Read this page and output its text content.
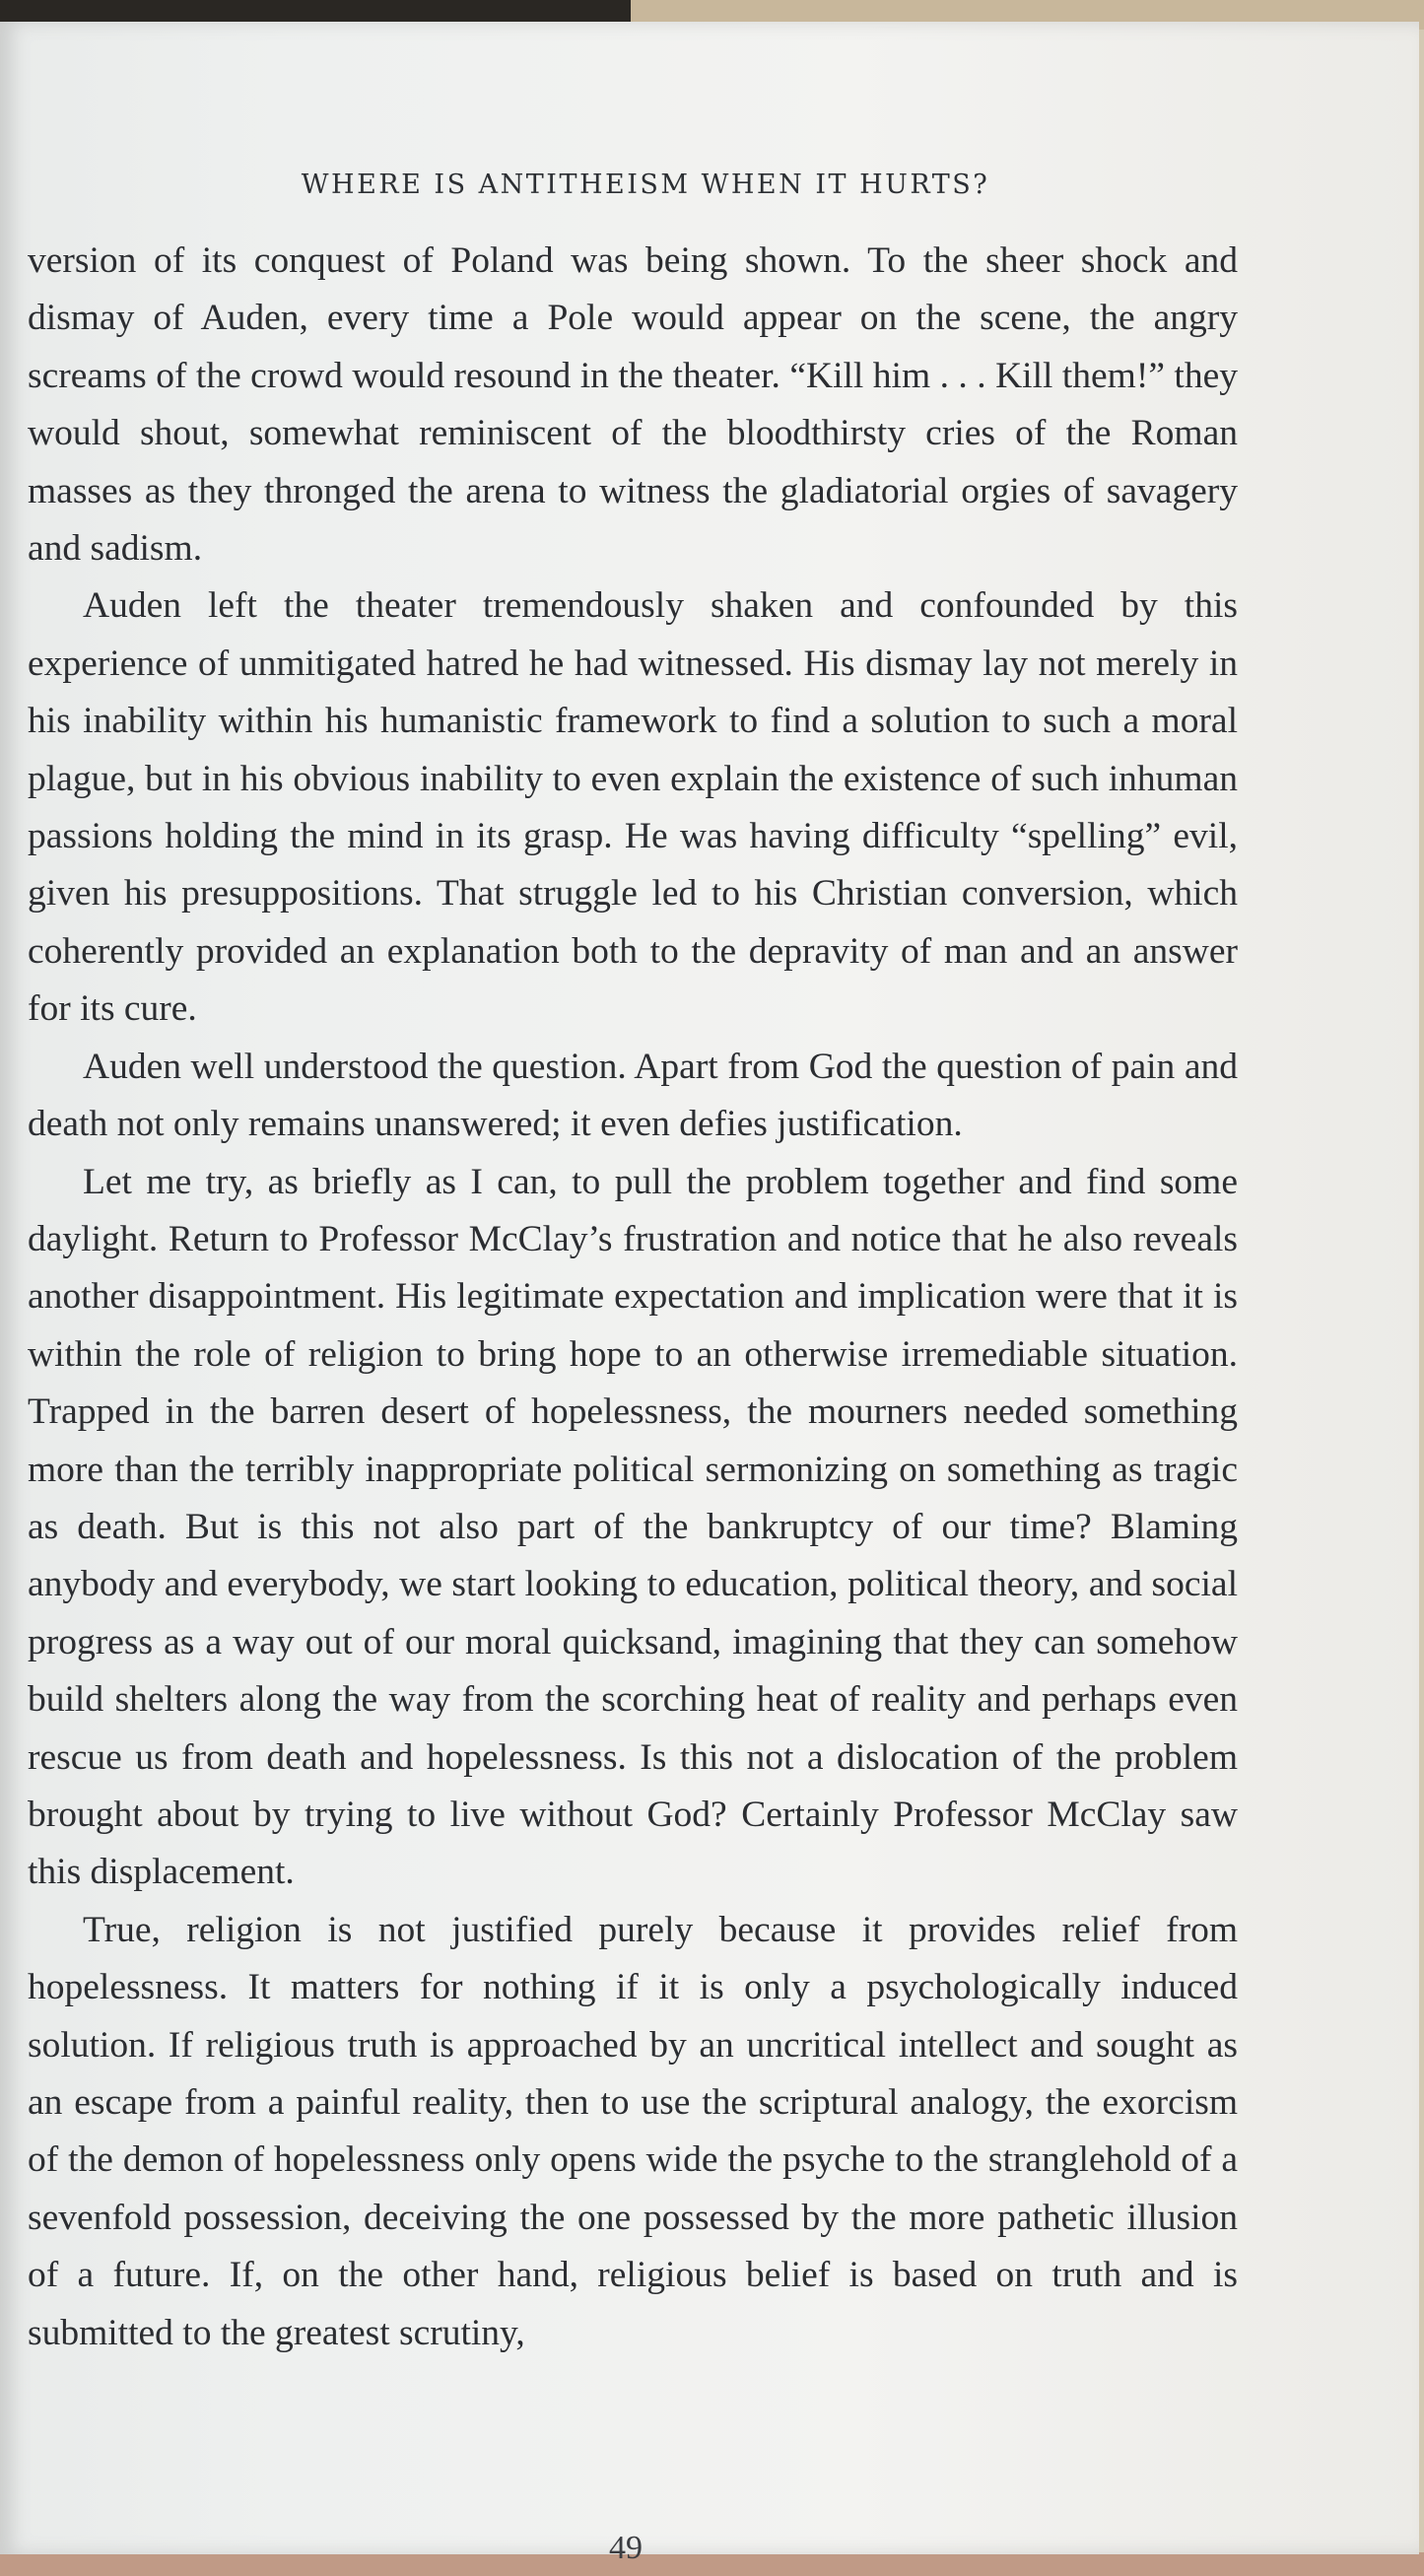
WHERE IS ANTITHEISM WHEN IT HURTS?

version of its conquest of Poland was being shown. To the sheer shock and dismay of Auden, every time a Pole would appear on the scene, the angry screams of the crowd would resound in the theater. “Kill him . . . Kill them!” they would shout, somewhat reminiscent of the bloodthirsty cries of the Roman masses as they thronged the arena to witness the gladiatorial orgies of savagery and sadism.

Auden left the theater tremendously shaken and confounded by this experience of unmitigated hatred he had witnessed. His dismay lay not merely in his inability within his humanistic framework to find a solution to such a moral plague, but in his obvious inability to even explain the existence of such inhuman passions holding the mind in its grasp. He was having difficulty “spelling” evil, given his presuppositions. That struggle led to his Christian conversion, which coherently provided an explanation both to the depravity of man and an answer for its cure.

Auden well understood the question. Apart from God the question of pain and death not only remains unanswered; it even defies justification.

Let me try, as briefly as I can, to pull the problem together and find some daylight. Return to Professor McClay’s frustration and notice that he also reveals another disappointment. His legitimate expectation and implication were that it is within the role of religion to bring hope to an otherwise irremediable situation. Trapped in the barren desert of hopelessness, the mourners needed something more than the terribly inappropriate political sermonizing on something as tragic as death. But is this not also part of the bankruptcy of our time? Blaming anybody and everybody, we start looking to education, political theory, and social progress as a way out of our moral quicksand, imagining that they can somehow build shelters along the way from the scorching heat of reality and perhaps even rescue us from death and hopelessness. Is this not a dislocation of the problem brought about by trying to live without God? Certainly Professor McClay saw this displacement.

True, religion is not justified purely because it provides relief from hopelessness. It matters for nothing if it is only a psychologically induced solution. If religious truth is approached by an uncritical intellect and sought as an escape from a painful reality, then to use the scriptural analogy, the exorcism of the demon of hopelessness only opens wide the psyche to the stranglehold of a sevenfold possession, deceiving the one possessed by the more pathetic illusion of a future. If, on the other hand, religious belief is based on truth and is submitted to the greatest scrutiny,

49
